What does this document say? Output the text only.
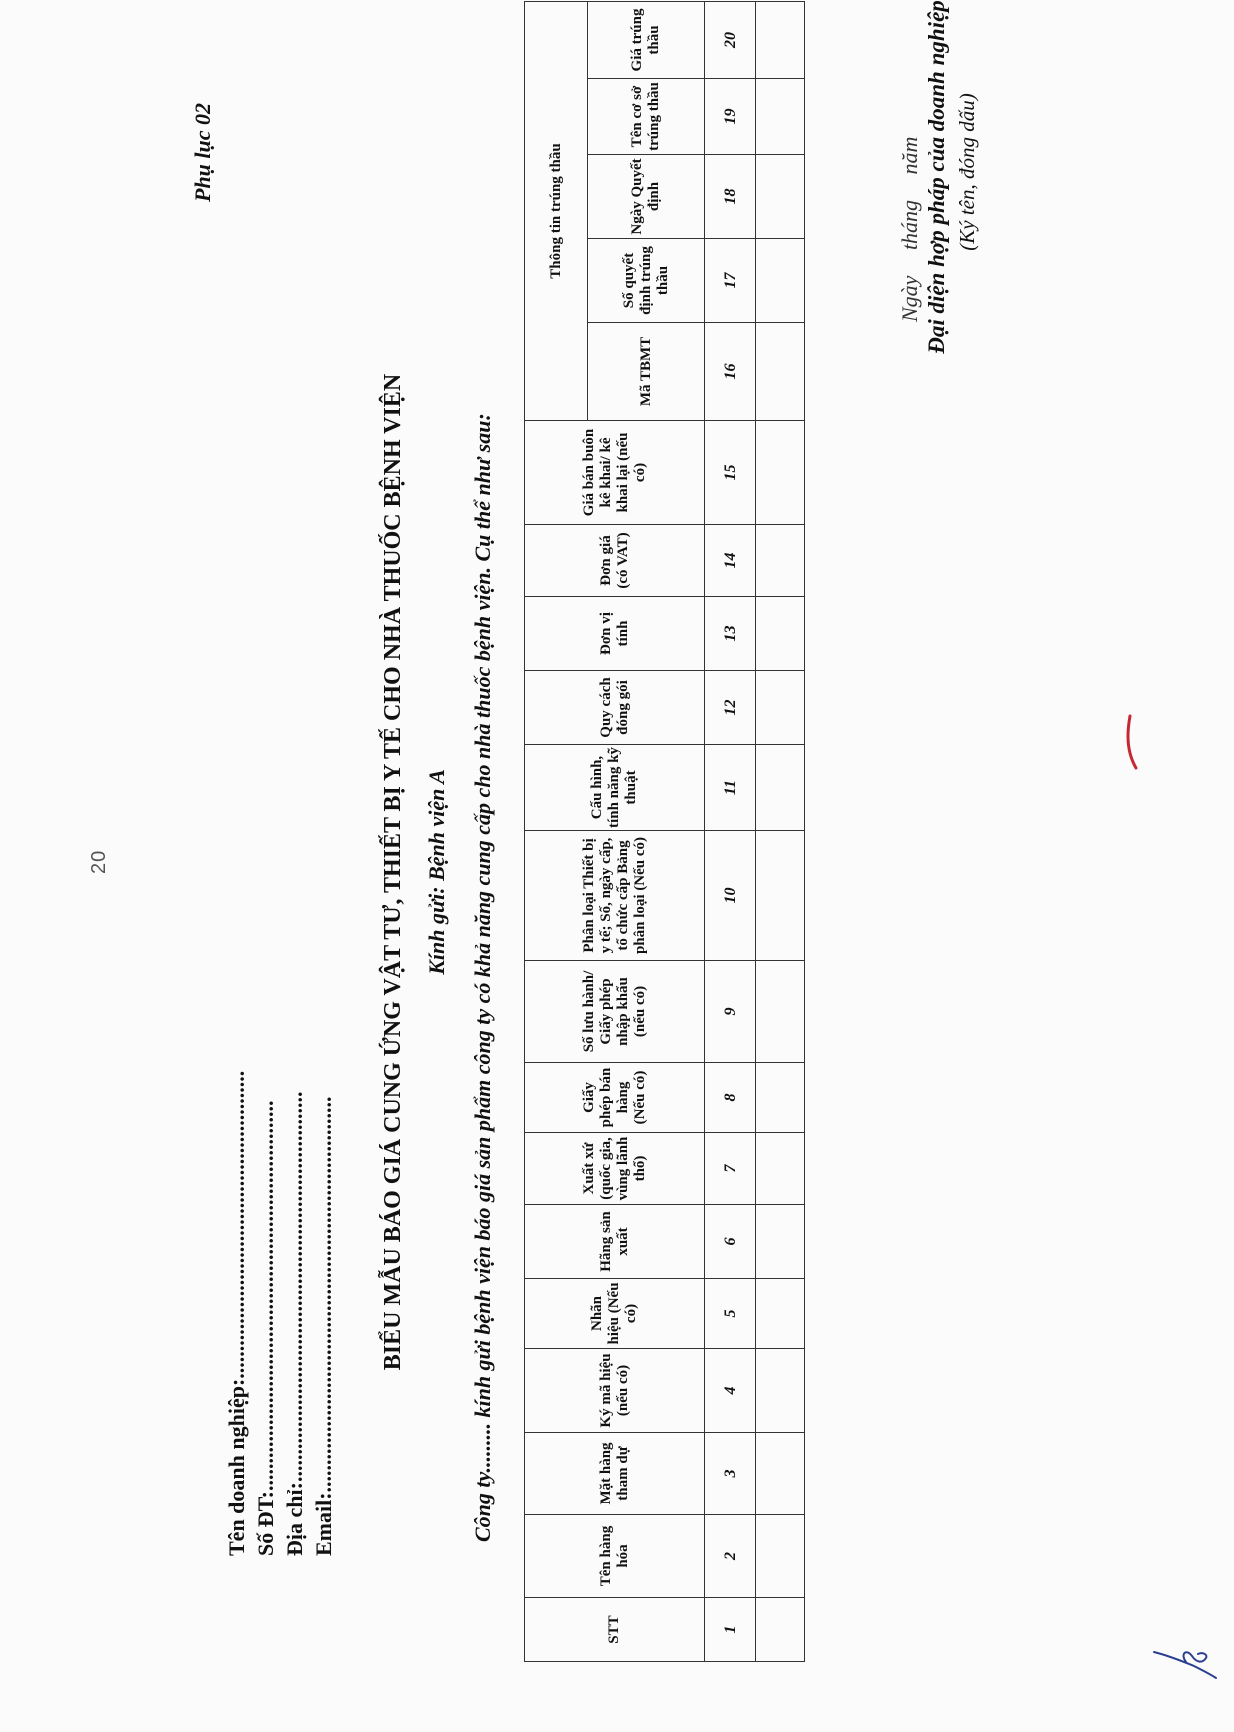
20
Phụ lục 02
Tên doanh nghiệp:........................................................ Số ĐT:....................................................................... Địa chỉ:....................................................................... Email:........................................................................ BIỂU MẪU BÁO GIÁ CUNG ỨNG VẬT TƯ, THIẾT BỊ Y TẾ CHO NHÀ THUỐC BỆNH VIỆN Kính gửi: Bệnh viện A Công ty......... kính gửi bệnh viện báo giá sản phẩm công ty có khả năng cung cấp cho nhà thuốc bệnh viện. Cụ thể như sau:
STT	Tên hàng hóa	Mặt hàng tham dự	Ký mã hiệu (nếu có)	Nhãn hiệu (Nếu có)	Hãng sản xuất	Xuất xứ (quốc gia, vùng lãnh thổ)	Giấy phép bán hàng (Nếu có)	Số lưu hành/ Giấy phép nhập khẩu (nếu có)	Phân loại Thiết bị y tế; Số, ngày cấp, tổ chức cấp Bảng phân loại (Nếu có)	Cấu hình, tính năng kỹ thuật	Quy cách đóng gói	Đơn vị tính	Đơn giá (có VAT)	Giá bán buôn kê khai/ kê khai lại (nếu có)	Thông tin trúng thầu				
															Mã TBMT	Số quyết định trúng thầu	Ngày Quyết định	Tên cơ sở trúng thầu	Giá trúng thầu
1	2	3	4	5	6	7	8	9	10	11	12	13	14	15	16	17	18	19	20

Ngày tháng năm Đại diện hợp pháp của doanh nghiệp (Ký tên, đóng dấu)
